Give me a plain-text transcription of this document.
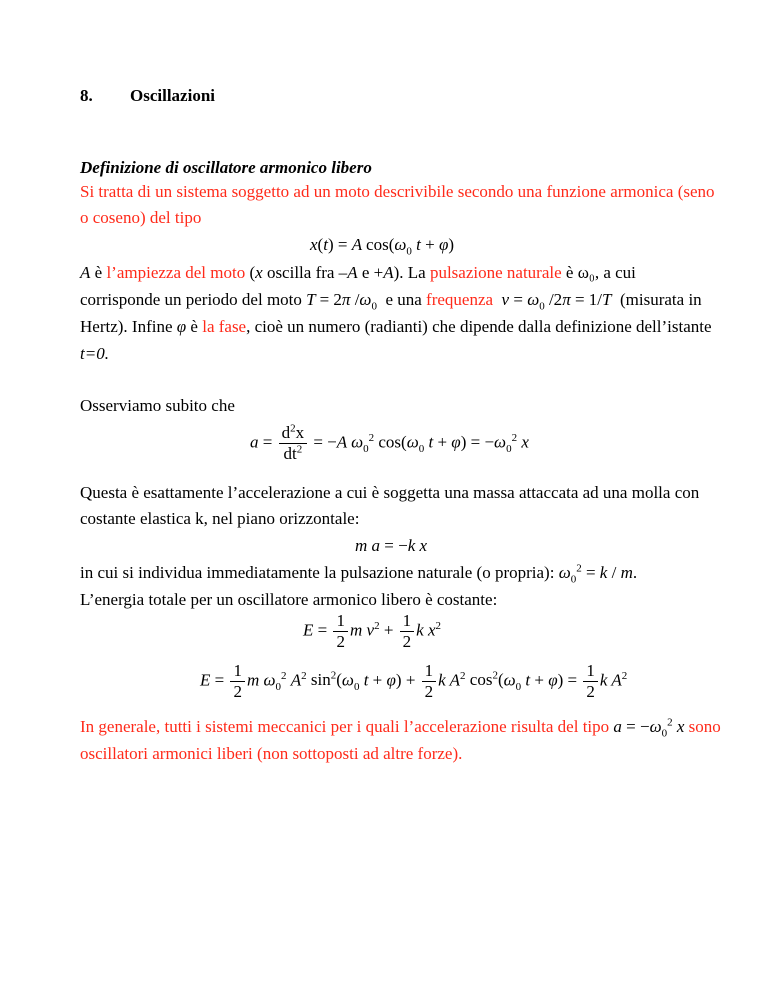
8. Oscillazioni
Definizione di oscillatore armonico libero
Si tratta di un sistema soggetto ad un moto descrivibile secondo una funzione armonica (seno
o coseno) del tipo
x(t) = A $\cos(\omega_0$ t + φ)
A è l’ampiezza del moto (x oscilla fra –A e +A). La pulsazione naturale è ω₀, a cui
corrisponde un periodo del moto T = 2π $/\omega_0$ e una frequenza $\nu = \omega_0$ /2π = 1/T (misurata in
Hertz). Infine φ è la fase, cioè un numero (radianti) che dipende dalla definizione dell’istante
t=0.
Osserviamo subito che
$a = \frac{d^2x}{dt^2} = -A$ $\omega_0^2$ $\cos(\omega_0$ $t + \varphi) = -\omega_0^2$ x
Questa è esattamente l’accelerazione a cui è soggetta una massa attaccata ad una molla con
costante elastica k, nel piano orizzontale:
m a = −k x
in cui si individua immediatamente la pulsazione naturale (o propria): $\omega_0^2 = k / m$.
L’energia totale per un oscillatore armonico libero è costante:
$E = \frac{1}{2}$ m $v^2 + \frac{1}{2}$ k $x^2$
$E = \frac{1}{2}$ m $\omega_0^2$ $A^2$ $\sin^2(\omega_0$ $t + \varphi) + \frac{1}{2}$ k $A^2$ $\cos^2(\omega_0$ $t + \varphi) = \frac{1}{2}$ k $A^2$
In generale, tutti i sistemi meccanici per i quali l’accelerazione risulta del tipo $a = -\omega_0^2$ x sono
oscillatori armonici liberi (non sottoposti ad altre forze).
